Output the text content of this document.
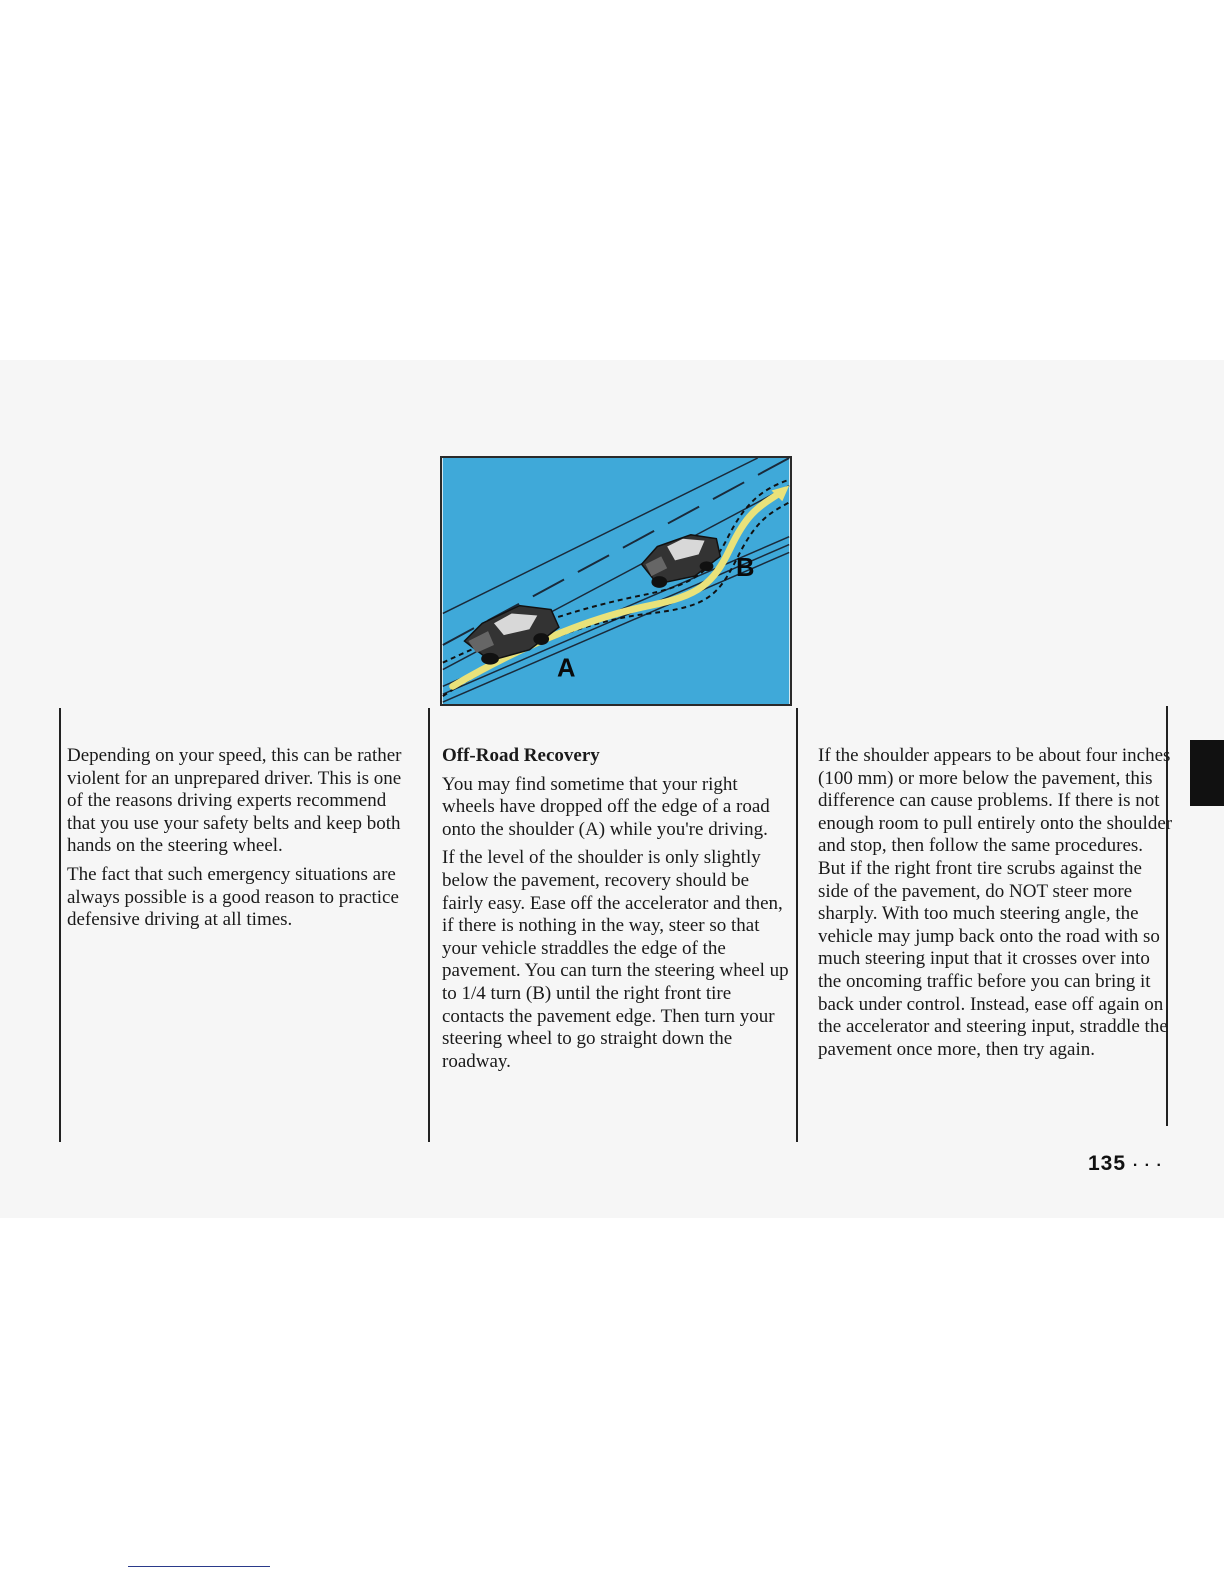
A
B

Depending on your speed, this can be rather violent for an unprepared driver. This is one of the reasons driving experts recommend that you use your safety belts and keep both hands on the steering wheel.

The fact that such emergency situations are always possible is a good reason to practice defensive driving at all times.

Off-Road Recovery

You may find sometime that your right wheels have dropped off the edge of a road onto the shoulder (A) while you're driving.

If the level of the shoulder is only slightly below the pavement, recovery should be fairly easy. Ease off the accelerator and then, if there is nothing in the way, steer so that your vehicle straddles the edge of the pavement. You can turn the steering wheel up to 1/4 turn (B) until the right front tire contacts the pavement edge. Then turn your steering wheel to go straight down the roadway.

If the shoulder appears to be about four inches (100 mm) or more below the pavement, this difference can cause problems. If there is not enough room to pull entirely onto the shoulder and stop, then follow the same procedures. But if the right front tire scrubs against the side of the pavement, do NOT steer more sharply. With too much steering angle, the vehicle may jump back onto the road with so much steering input that it crosses over into the oncoming traffic before you can bring it back under control. Instead, ease off again on the accelerator and steering input, straddle the pavement once more, then try again.

135 · · ·
